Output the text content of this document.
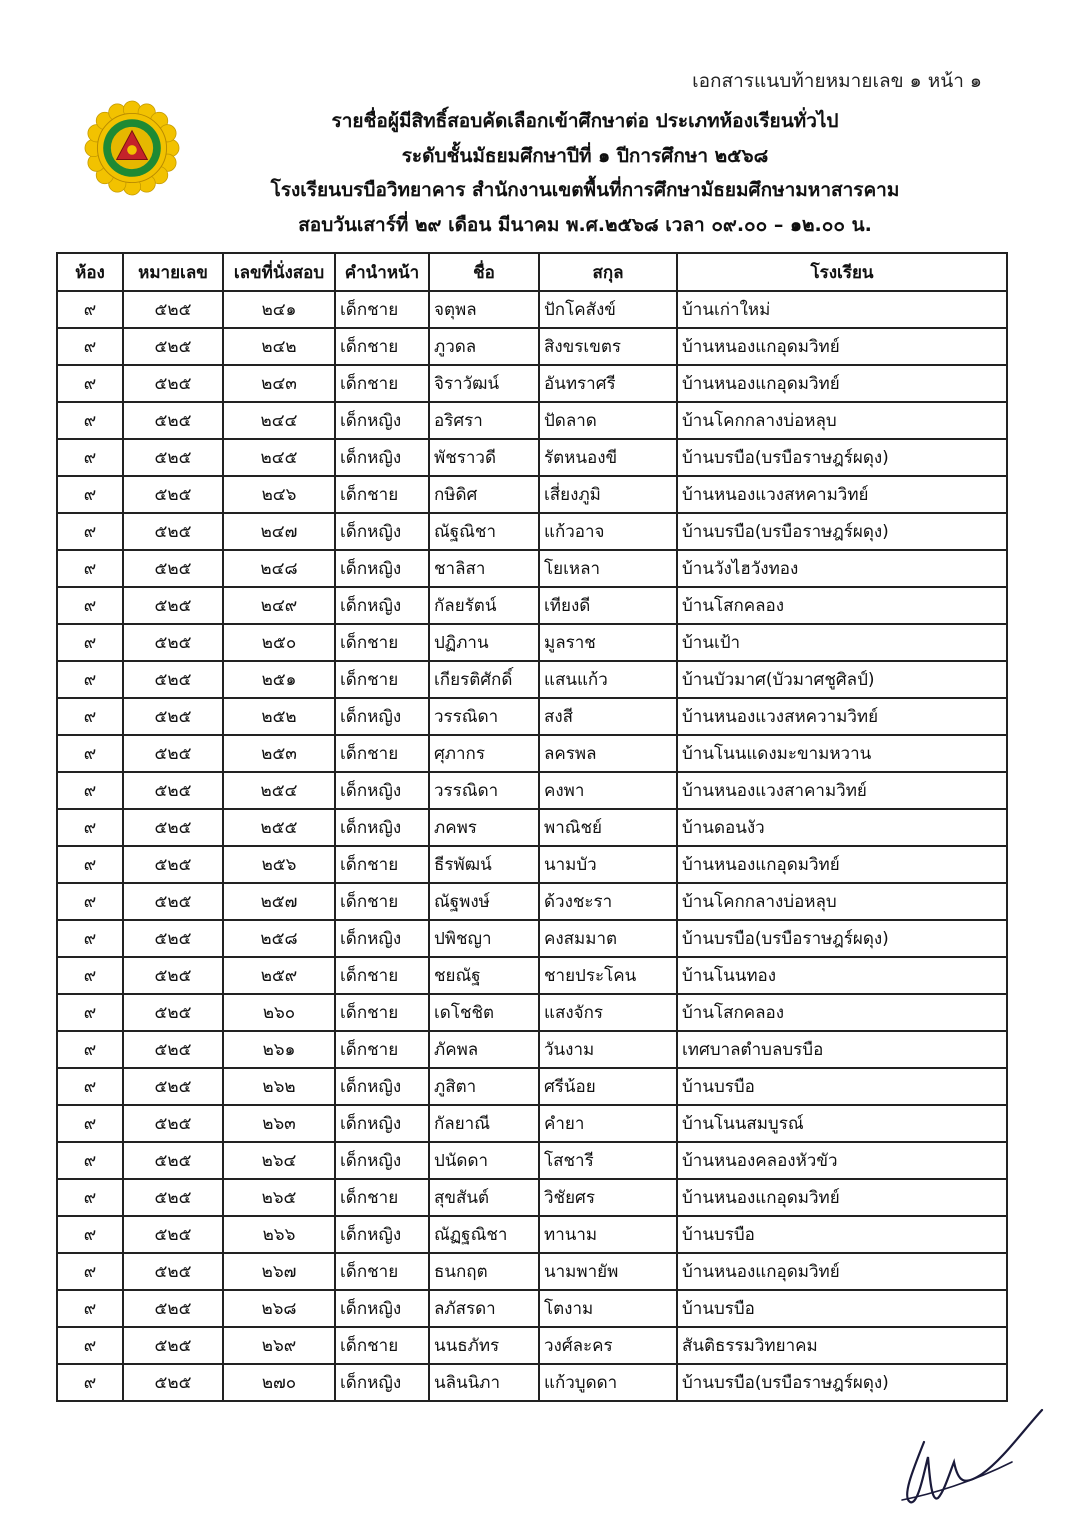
เอกสารแนบท้ายหมายเลข ๑ หน้า ๑
รายชื่อผู้มีสิทธิ์สอบคัดเลือกเข้าศึกษาต่อ ประเภทห้องเรียนทั่วไป
ระดับชั้นมัธยมศึกษาปีที่ ๑ ปีการศึกษา ๒๕๖๘
โรงเรียนบรบือวิทยาคาร สำนักงานเขตพื้นที่การศึกษามัธยมศึกษามหาสารคาม
สอบวันเสาร์ที่ ๒๙ เดือน มีนาคม พ.ศ.๒๕๖๘ เวลา ๐๙.๐๐ – ๑๒.๐๐ น.
ห้อง	หมายเลข	เลขที่นั่งสอบ	คำนำหน้า	ชื่อ	สกุล	โรงเรียน
๙	๕๒๕	๒๔๑	เด็กชาย	จตุพล	ปักโคสังข์	บ้านเก่าใหม่
๙	๕๒๕	๒๔๒	เด็กชาย	ภูวดล	สิงขรเขตร	บ้านหนองแกอุดมวิทย์
๙	๕๒๕	๒๔๓	เด็กชาย	จิราวัฒน์	อันทราศรี	บ้านหนองแกอุดมวิทย์
๙	๕๒๕	๒๔๔	เด็กหญิง	อริศรา	ปัดลาด	บ้านโคกกลางบ่อหลุบ
๙	๕๒๕	๒๔๕	เด็กหญิง	พัชราวดี	รัตหนองขี	บ้านบรบือ(บรบือราษฎร์ผดุง)
๙	๕๒๕	๒๔๖	เด็กชาย	กษิดิศ	เสี่ยงภูมิ	บ้านหนองแวงสหคามวิทย์
๙	๕๒๕	๒๔๗	เด็กหญิง	ณัฐณิชา	แก้วอาจ	บ้านบรบือ(บรบือราษฎร์ผดุง)
๙	๕๒๕	๒๔๘	เด็กหญิง	ชาลิสา	โยเหลา	บ้านวังไฮวังทอง
๙	๕๒๕	๒๔๙	เด็กหญิง	กัลยรัตน์	เทียงดี	บ้านโสกคลอง
๙	๕๒๕	๒๕๐	เด็กชาย	ปฏิภาน	มูลราช	บ้านเป้า
๙	๕๒๕	๒๕๑	เด็กชาย	เกียรติศักดิ์	แสนแก้ว	บ้านบัวมาศ(บัวมาศชูศิลป์)
๙	๕๒๕	๒๕๒	เด็กหญิง	วรรณิดา	สงสี	บ้านหนองแวงสหความวิทย์
๙	๕๒๕	๒๕๓	เด็กชาย	ศุภากร	ลครพล	บ้านโนนแดงมะขามหวาน
๙	๕๒๕	๒๕๔	เด็กหญิง	วรรณิดา	คงพา	บ้านหนองแวงสาคามวิทย์
๙	๕๒๕	๒๕๕	เด็กหญิง	ภคพร	พาณิชย์	บ้านดอนงัว
๙	๕๒๕	๒๕๖	เด็กชาย	ธีรพัฒน์	นามบัว	บ้านหนองแกอุดมวิทย์
๙	๕๒๕	๒๕๗	เด็กชาย	ณัฐพงษ์	ด้วงชะรา	บ้านโคกกลางบ่อหลุบ
๙	๕๒๕	๒๕๘	เด็กหญิง	ปพิชญา	คงสมมาต	บ้านบรบือ(บรบือราษฎร์ผดุง)
๙	๕๒๕	๒๕๙	เด็กชาย	ชยณัฐ	ชายประโคน	บ้านโนนทอง
๙	๕๒๕	๒๖๐	เด็กชาย	เดโชชิต	แสงจักร	บ้านโสกคลอง
๙	๕๒๕	๒๖๑	เด็กชาย	ภัคพล	วันงาม	เทศบาลตำบลบรบือ
๙	๕๒๕	๒๖๒	เด็กหญิง	ภูสิตา	ศรีน้อย	บ้านบรบือ
๙	๕๒๕	๒๖๓	เด็กหญิง	กัลยาณี	คำยา	บ้านโนนสมบูรณ์
๙	๕๒๕	๒๖๔	เด็กหญิง	ปนัดดา	โสชารี	บ้านหนองคลองหัวขัว
๙	๕๒๕	๒๖๕	เด็กชาย	สุขสันต์	วิชัยศร	บ้านหนองแกอุดมวิทย์
๙	๕๒๕	๒๖๖	เด็กหญิง	ณัฏฐณิชา	ทานาม	บ้านบรบือ
๙	๕๒๕	๒๖๗	เด็กชาย	ธนกฤต	นามพายัพ	บ้านหนองแกอุดมวิทย์
๙	๕๒๕	๒๖๘	เด็กหญิง	ลภัสรดา	โตงาม	บ้านบรบือ
๙	๕๒๕	๒๖๙	เด็กชาย	นนธภัทร	วงศ์ละคร	สันติธรรมวิทยาคม
๙	๕๒๕	๒๗๐	เด็กหญิง	นลินนิภา	แก้วบูดดา	บ้านบรบือ(บรบือราษฎร์ผดุง)
